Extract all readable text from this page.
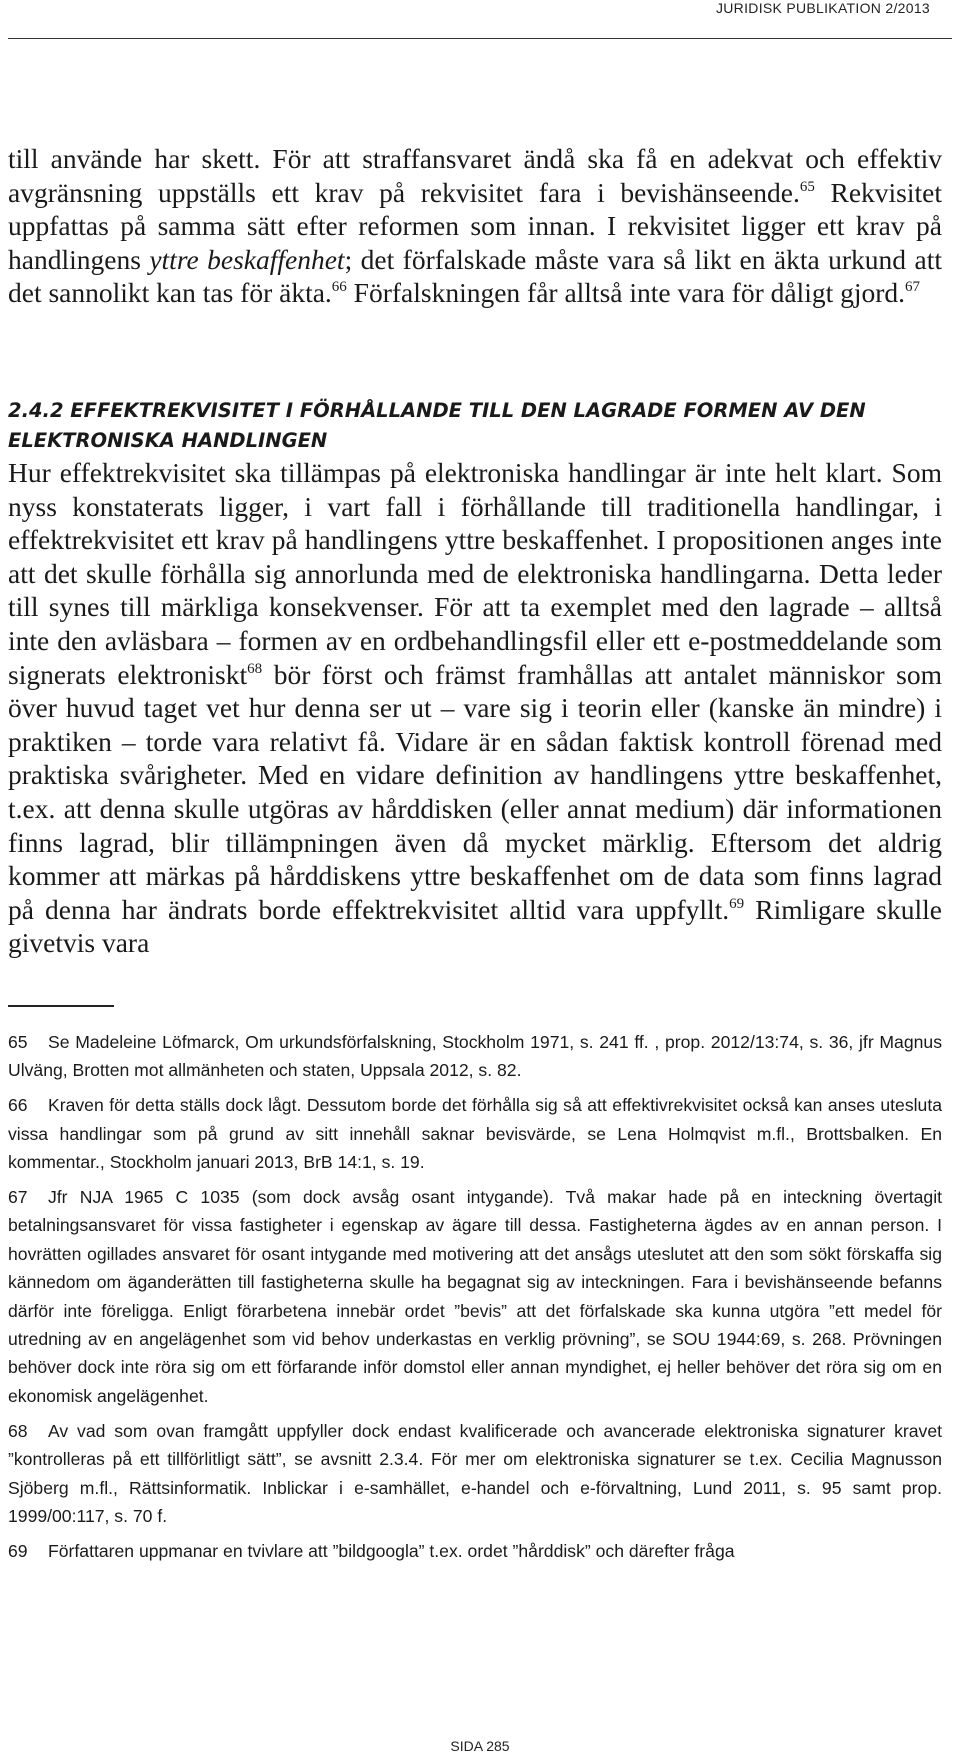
JURIDISK PUBLIKATION 2/2013

till använde har skett. För att straffansvaret ändå ska få en adekvat och effektiv avgränsning uppställs ett krav på rekvisitet fara i bevishänseende.$^{65}$ Rekvisitet uppfattas på samma sätt efter reformen som innan. I rekvisitet ligger ett krav på handlingens yttre beskaffenhet; det förfalskade måste vara så likt en äkta urkund att det sannolikt kan tas för äkta.$^{66}$ Förfalskningen får alltså inte vara för dåligt gjord.$^{67}$

2.4.2 EFFEKTREKVISITET I FÖRHÅLLANDE TILL DEN LAGRADE FORMEN AV DEN ELEKTRONISKA HANDLINGEN

Hur effektrekvisitet ska tillämpas på elektroniska handlingar är inte helt klart. Som nyss konstaterats ligger, i vart fall i förhållande till traditionella handlingar, i effektrekvisitet ett krav på handlingens yttre beskaffenhet. I propositionen anges inte att det skulle förhålla sig annorlunda med de elektroniska handlingarna. Detta leder till synes till märkliga konsekvenser. För att ta exemplet med den lagrade – alltså inte den avläsbara – formen av en ordbehandlingsfil eller ett e-postmeddelande som signerats elektroniskt$^{68}$ bör först och främst framhållas att antalet människor som över huvud taget vet hur denna ser ut – vare sig i teorin eller (kanske än mindre) i praktiken – torde vara relativt få. Vidare är en sådan faktisk kontroll förenad med praktiska svårigheter. Med en vidare definition av handlingens yttre beskaffenhet, t.ex. att denna skulle utgöras av hårddisken (eller annat medium) där informationen finns lagrad, blir tillämpningen även då mycket märklig. Eftersom det aldrig kommer att märkas på hårddiskens yttre beskaffenhet om de data som finns lagrad på denna har ändrats borde effektrekvisitet alltid vara uppfyllt.$^{69}$ Rimligare skulle givetvis vara

65 Se Madeleine Löfmarck, Om urkundsförfalskning, Stockholm 1971, s. 241 ff. , prop. 2012/13:74, s. 36, jfr Magnus Ulväng, Brotten mot allmänheten och staten, Uppsala 2012, s. 82.

66 Kraven för detta ställs dock lågt. Dessutom borde det förhålla sig så att effektivrekvisitet också kan anses utesluta vissa handlingar som på grund av sitt innehåll saknar bevisvärde, se Lena Holmqvist m.fl., Brottsbalken. En kommentar., Stockholm januari 2013, BrB 14:1, s. 19.

67 Jfr NJA 1965 C 1035 (som dock avsåg osant intygande). Två makar hade på en inteckning övertagit betalningsansvaret för vissa fastigheter i egenskap av ägare till dessa. Fastigheterna ägdes av en annan person. I hovrätten ogillades ansvaret för osant intygande med motivering att det ansågs uteslutet att den som sökt förskaffa sig kännedom om äganderätten till fastigheterna skulle ha begagnat sig av inteckningen. Fara i bevishänseende befanns därför inte föreligga. Enligt förarbetena innebär ordet ”bevis” att det förfalskade ska kunna utgöra ”ett medel för utredning av en angelägenhet som vid behov underkastas en verklig prövning”, se SOU 1944:69, s. 268. Prövningen behöver dock inte röra sig om ett förfarande inför domstol eller annan myndighet, ej heller behöver det röra sig om en ekonomisk angelägenhet.

68 Av vad som ovan framgått uppfyller dock endast kvalificerade och avancerade elektroniska signaturer kravet ”kontrolleras på ett tillförlitligt sätt”, se avsnitt 2.3.4. För mer om elektroniska signaturer se t.ex. Cecilia Magnusson Sjöberg m.fl., Rättsinformatik. Inblickar i e-samhället, e-handel och e-förvaltning, Lund 2011, s. 95 samt prop. 1999/00:117, s. 70 f.

69 Författaren uppmanar en tvivlare att ”bildgoogla” t.ex. ordet ”hårddisk” och därefter fråga

SIDA 285
